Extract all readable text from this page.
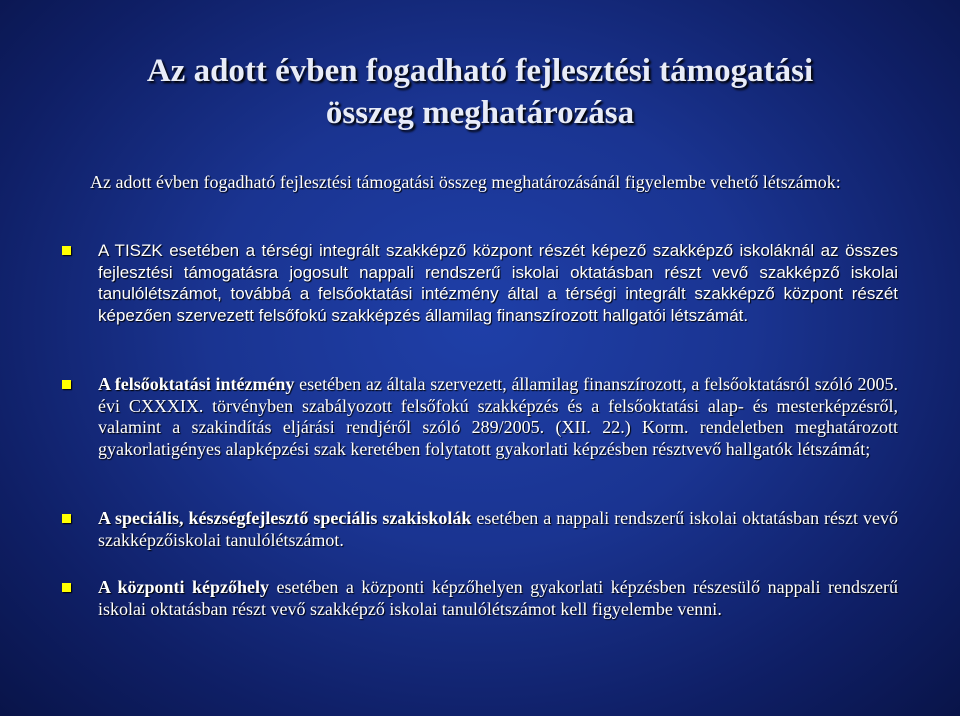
Az adott évben fogadható fejlesztési támogatási
összeg meghatározása
Az adott évben fogadható fejlesztési támogatási összeg meghatározásánál figyelembe vehető létszámok:
A TISZK esetében a térségi integrált szakképző központ részét képező szakképző iskoláknál az összes fejlesztési támogatásra jogosult nappali rendszerű iskolai oktatásban részt vevő szakképző iskolai tanulólétszámot, továbbá a felsőoktatási intézmény által a térségi integrált szakképző központ részét képezően szervezett felsőfokú szakképzés államilag finanszírozott hallgatói létszámát.
A felsőoktatási intézmény esetében az általa szervezett, államilag finanszírozott, a felsőoktatásról szóló 2005. évi CXXXIX. törvényben szabályozott felsőfokú szakképzés és a felsőoktatási alap- és mesterképzésről, valamint a szakindítás eljárási rendjéről szóló 289/2005. (XII. 22.) Korm. rendeletben meghatározott gyakorlatigényes alapképzési szak keretében folytatott gyakorlati képzésben résztvevő hallgatók létszámát;
A speciális, készségfejlesztő speciális szakiskolák esetében a nappali rendszerű iskolai oktatásban részt vevő szakképzőiskolai tanulólétszámot.
A központi képzőhely esetében a központi képzőhelyen gyakorlati képzésben részesülő nappali rendszerű iskolai oktatásban részt vevő szakképző iskolai tanulólétszámot kell figyelembe venni.
